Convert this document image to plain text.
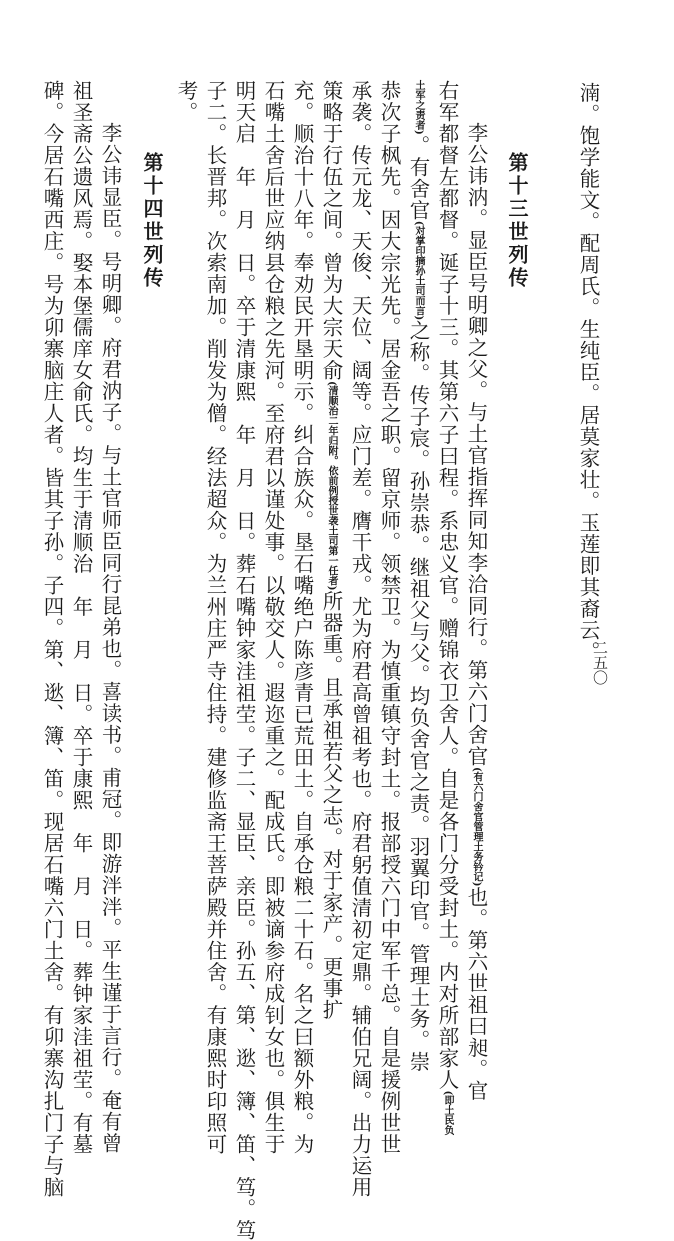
二五〇
湳。饱学能文。配周氏。生纯臣。居莫家壮。玉莲即其裔云。
第十三世列传
李公讳汭。显臣号明卿之父。与土官指挥同知李洽同行。第六门舍官(有六门舍官管理土务钤记)也。第六世祖曰昶。官
右军都督左都督。诞子十三。其第六子曰程。系忠义官。赠锦衣卫舍人。自是各门分受封土。内对所部家人(即土民负
土军之责者)。有舍官(对掌印摘孙土司而言)之称。传子宸。孙崇恭。继祖父与父。均负舍官之责。羽翼印官。管理土务。崇
恭次子枫先。因大宗光先。居金吾之职。留京师。领禁卫。为慎重镇守封土。报部授六门中军千总。自是援例世世
承袭。传元龙、天俊、天位、阔等。应门差。膺干戎。尤为府君高曾祖考也。府君躬值清初定鼎。辅伯兄阔。出力运用
策略于行伍之间。曾为大宗天俞(清顺治二年归附。依前例授世袭土司第一任者)所器重。且承祖若父之志。对于家产。更事扩
充。顺治十八年。奉劝民开垦明示。纠合族众。垦石嘴绝户陈彦青已荒田土。自承仓粮二十石。名之曰额外粮。为
石嘴土舍后世应纳县仓粮之先河。至府君以谨处事。以敬交人。遐迩重之。配成氏。即被谪参府成钊女也。俱生于
明天启　年　月　日。卒于清康熙　年　月　日。葬石嘴钟家洼祖茔。子二、显臣、亲臣。孙五、第、逖、簿、笛、笃。笃
子二。长晋邦。次索南加。削发为僧。经法超众。为兰州庄严寺住持。建修监斋王菩萨殿并住舍。有康熙时印照可
考。
第十四世列传
李公讳显臣。号明卿。府君汭子。与土官师臣同行昆弟也。喜读书。甫冠。即游泮泮。平生谨于言行。奄有曾
祖圣斋公遗风焉。娶本堡儒庠女俞氏。均生于清顺治　年　月　日。卒于康熙　年　月　日。葬钟家洼祖茔。有墓
碑。今居石嘴西庄。号为卯寨脑庄人者。皆其子孙。子四。第、逖、簿、笛。现居石嘴六门土舍。有卯寨沟扎门子与脑
